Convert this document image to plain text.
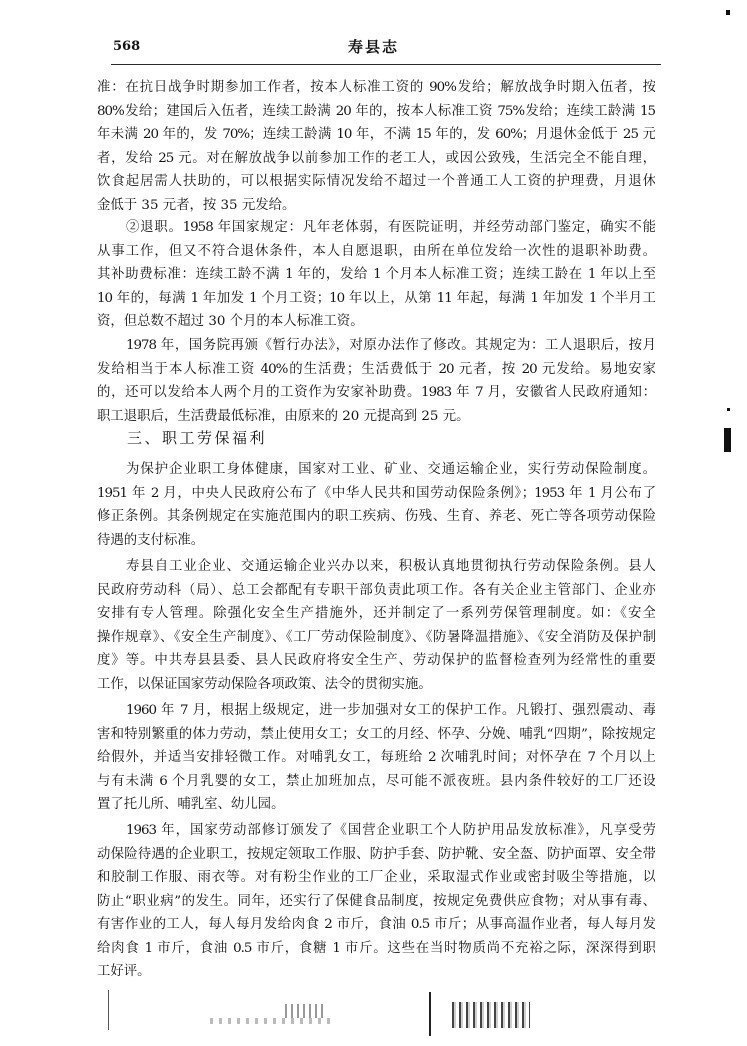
568	寿县志
准：在抗日战争时期参加工作者，按本人标准工资的 90%发给；解放战争时期入伍者，按
80%发给；建国后入伍者，连续工龄满 20 年的，按本人标准工资 75%发给；连续工龄满 15
年未满 20 年的，发 70%；连续工龄满 10 年，不满 15 年的，发 60%；月退休金低于 25 元
者，发给 25 元。对在解放战争以前参加工作的老工人，或因公致残，生活完全不能自理，
饮食起居需人扶助的，可以根据实际情况发给不超过一个普通工人工资的护理费，月退休
金低于 35 元者，按 35 元发给。
②退职。1958 年国家规定：凡年老体弱，有医院证明，并经劳动部门鉴定，确实不能
从事工作，但又不符合退休条件，本人自愿退职，由所在单位发给一次性的退职补助费。
其补助费标准：连续工龄不满 1 年的，发给 1 个月本人标准工资；连续工龄在 1 年以上至
10 年的，每满 1 年加发 1 个月工资；10 年以上，从第 11 年起，每满 1 年加发 1 个半月工
资，但总数不超过 30 个月的本人标准工资。
1978 年，国务院再颁《暂行办法》，对原办法作了修改。其规定为：工人退职后，按月
发给相当于本人标准工资 40%的生活费；生活费低于 20 元者，按 20 元发给。易地安家
的，还可以发给本人两个月的工资作为安家补助费。1983 年 7 月，安徽省人民政府通知：
职工退职后，生活费最低标准，由原来的 20 元提高到 25 元。
三、职工劳保福利
为保护企业职工身体健康，国家对工业、矿业、交通运输企业，实行劳动保险制度。
1951 年 2 月，中央人民政府公布了《中华人民共和国劳动保险条例》；1953 年 1 月公布了
修正条例。其条例规定在实施范围内的职工疾病、伤残、生育、养老、死亡等各项劳动保险
待遇的支付标准。
寿县自工业企业、交通运输企业兴办以来，积极认真地贯彻执行劳动保险条例。县人
民政府劳动科（局）、总工会都配有专职干部负责此项工作。各有关企业主管部门、企业亦
安排有专人管理。除强化安全生产措施外，还并制定了一系列劳保管理制度。如：《安全
操作规章》、《安全生产制度》、《工厂劳动保险制度》、《防暑降温措施》、《安全消防及保护制
度》等。中共寿县县委、县人民政府将安全生产、劳动保护的监督检查列为经常性的重要
工作，以保证国家劳动保险各项政策、法令的贯彻实施。
1960 年 7 月，根据上级规定，进一步加强对女工的保护工作。凡锻打、强烈震动、毒
害和特别繁重的体力劳动，禁止使用女工；女工的月经、怀孕、分娩、哺乳“四期”，除按规定
给假外，并适当安排轻微工作。对哺乳女工，每班给 2 次哺乳时间；对怀孕在 7 个月以上
与有未满 6 个月乳婴的女工，禁止加班加点，尽可能不派夜班。县内条件较好的工厂还设
置了托儿所、哺乳室、幼儿园。
1963 年，国家劳动部修订颁发了《国营企业职工个人防护用品发放标准》，凡享受劳
动保险待遇的企业职工，按规定领取工作服、防护手套、防护靴、安全盔、防护面罩、安全带
和胶制工作服、雨衣等。对有粉尘作业的工厂企业，采取湿式作业或密封吸尘等措施，以
防止“职业病”的发生。同年，还实行了保健食品制度，按规定免费供应食物；对从事有毒、
有害作业的工人，每人每月发给肉食 2 市斤，食油 0.5 市斤；从事高温作业者，每人每月发
给肉食 1 市斤，食油 0.5 市斤，食糖 1 市斤。这些在当时物质尚不充裕之际，深深得到职
工好评。
